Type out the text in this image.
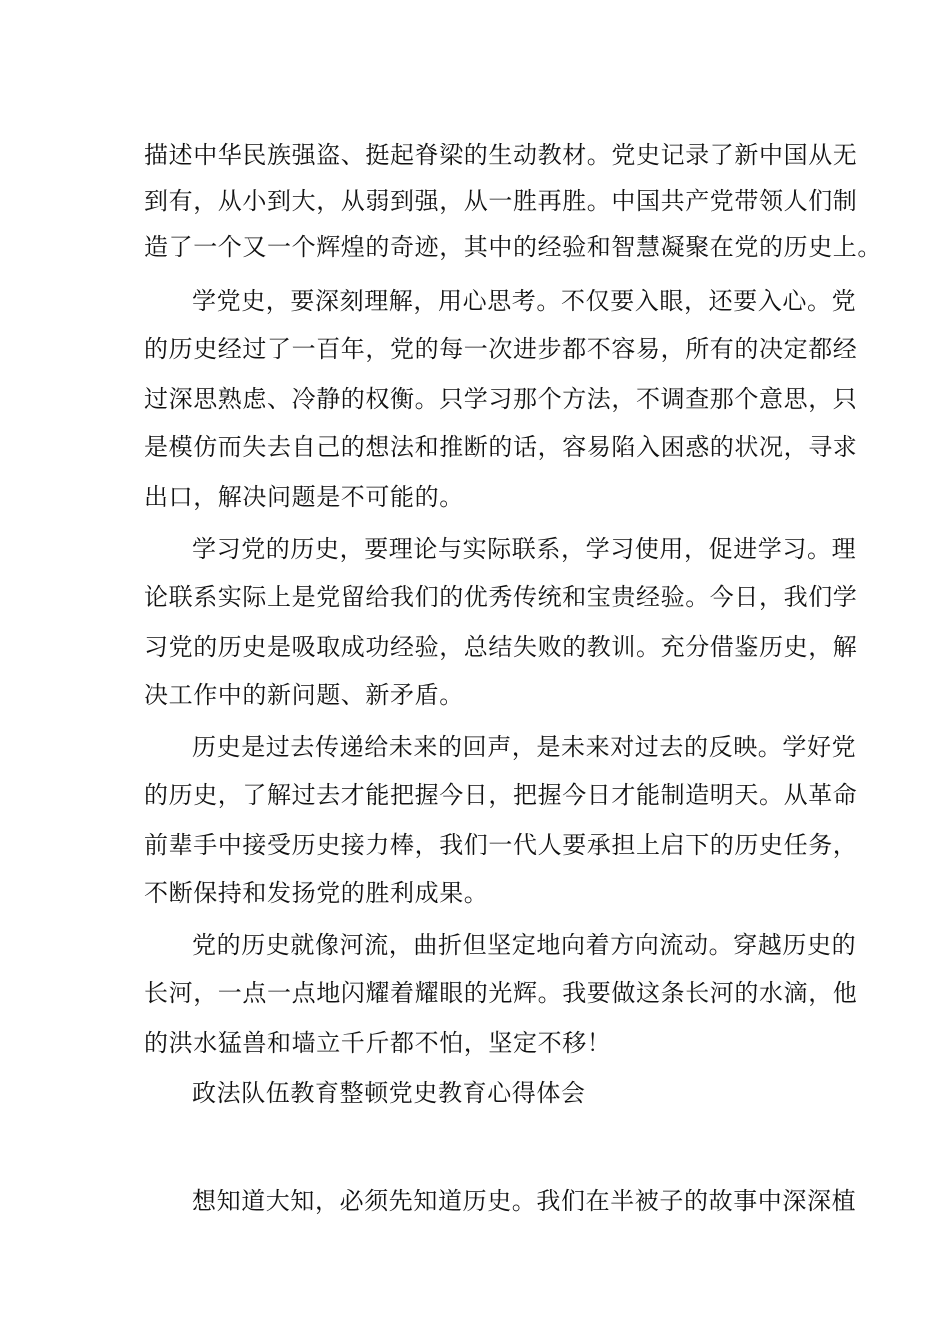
描述中华民族强盗、挺起脊梁的生动教材。党史记录了新中国从无
到有，从小到大，从弱到强，从一胜再胜。中国共产党带领人们制
造了一个又一个辉煌的奇迹，其中的经验和智慧凝聚在党的历史上。
学党史，要深刻理解，用心思考。不仅要入眼，还要入心。党
的历史经过了一百年，党的每一次进步都不容易，所有的决定都经
过深思熟虑、冷静的权衡。只学习那个方法，不调查那个意思，只
是模仿而失去自己的想法和推断的话，容易陷入困惑的状况，寻求
出口，解决问题是不可能的。
学习党的历史，要理论与实际联系，学习使用，促进学习。理
论联系实际上是党留给我们的优秀传统和宝贵经验。今日，我们学
习党的历史是吸取成功经验，总结失败的教训。充分借鉴历史，解
决工作中的新问题、新矛盾。
历史是过去传递给未来的回声，是未来对过去的反映。学好党
的历史，了解过去才能把握今日，把握今日才能制造明天。从革命
前辈手中接受历史接力棒，我们一代人要承担上启下的历史任务，
不断保持和发扬党的胜利成果。
党的历史就像河流，曲折但坚定地向着方向流动。穿越历史的
长河，一点一点地闪耀着耀眼的光辉。我要做这条长河的水滴，他
的洪水猛兽和墙立千斤都不怕，坚定不移！
政法队伍教育整顿党史教育心得体会
想知道大知，必须先知道历史。我们在半被子的故事中深深植
